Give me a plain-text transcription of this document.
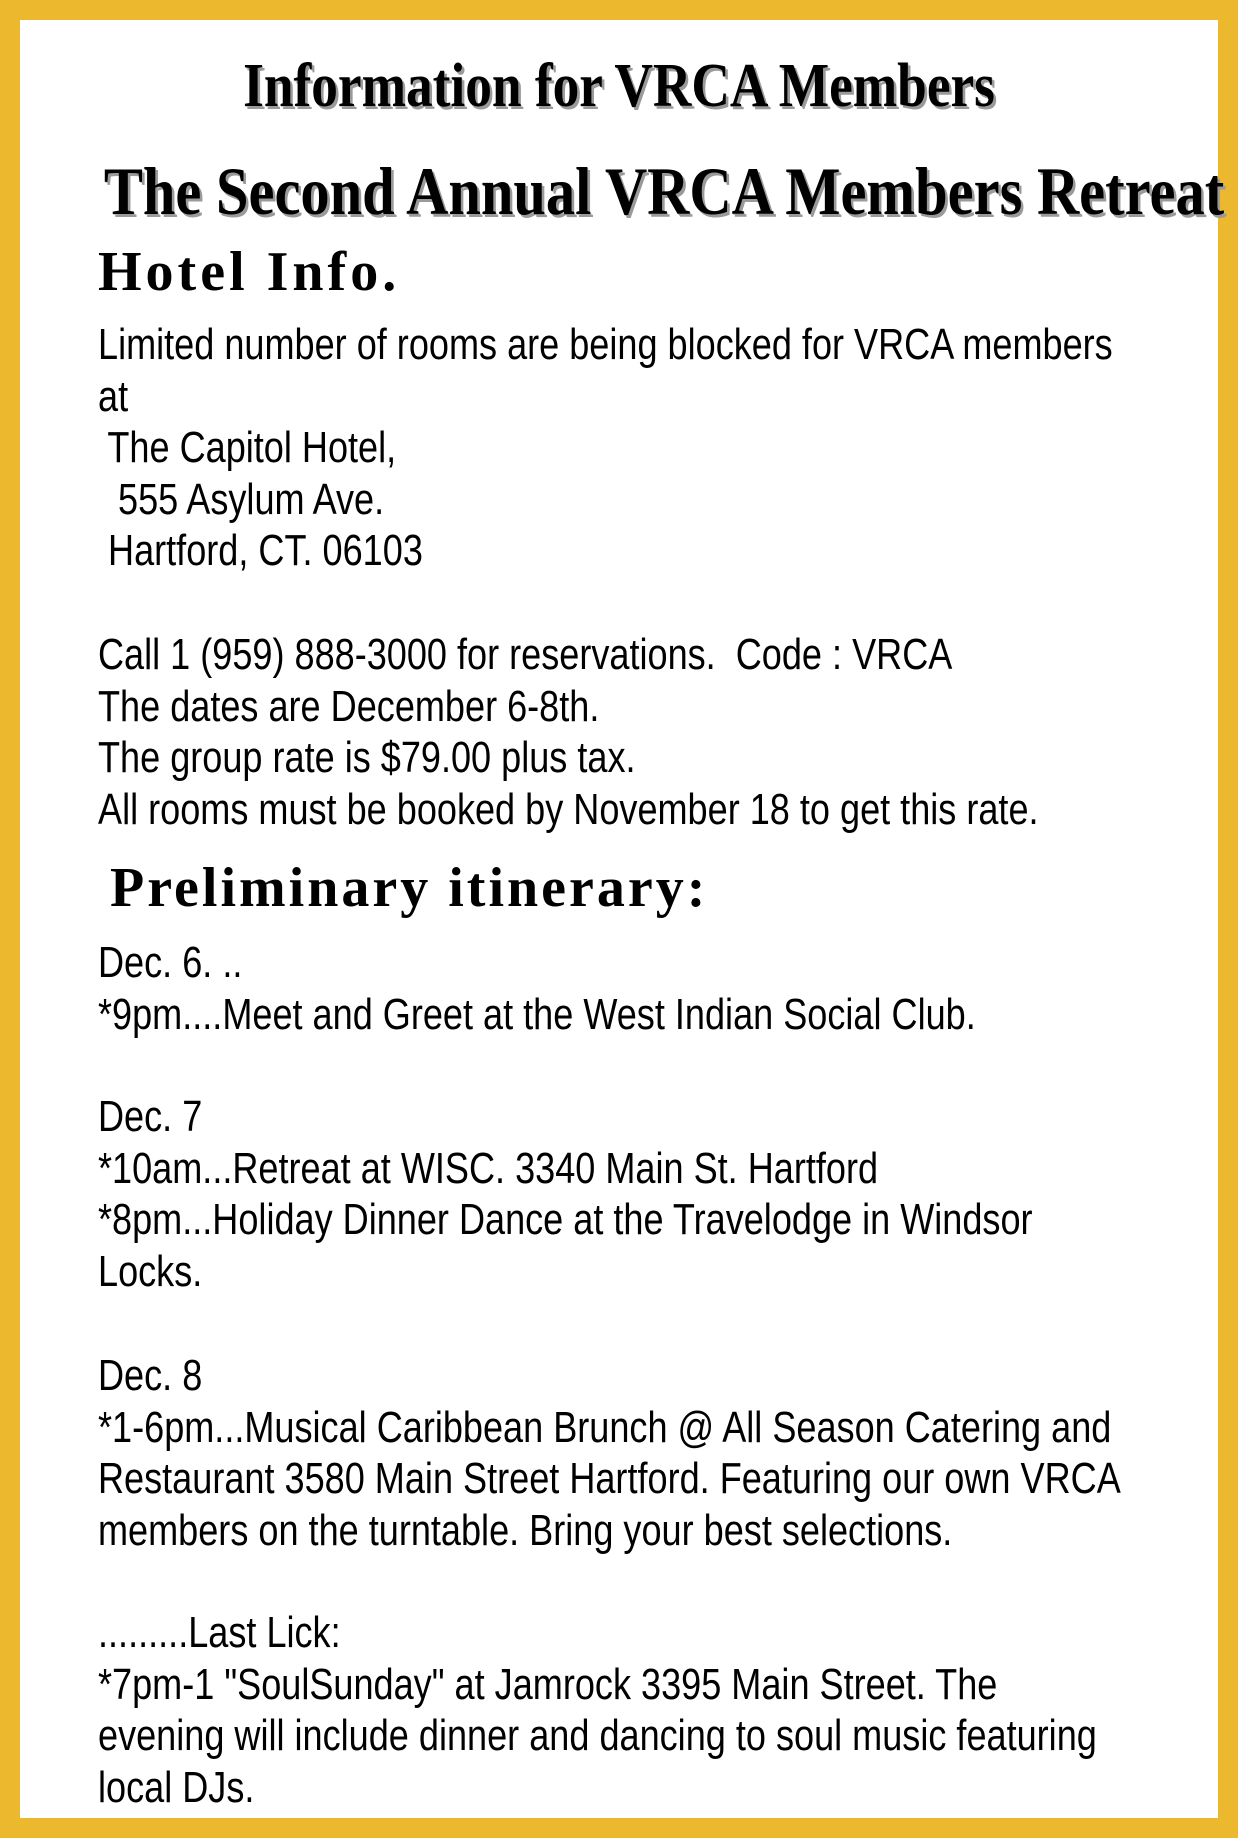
Information for VRCA Members
The Second Annual VRCA Members Retreat
Hotel Info.
Limited number of rooms are being blocked for VRCA members
at
The Capitol Hotel,
555 Asylum Ave.
Hartford, CT. 06103
Call 1 (959) 888-3000 for reservations.  Code : VRCA
The dates are December 6-8th.
The group rate is $79.00 plus tax.
All rooms must be booked by November 18 to get this rate.
Preliminary itinerary:
Dec. 6. ..
*9pm....Meet and Greet at the West Indian Social Club.
Dec. 7
*10am...Retreat at WISC. 3340 Main St. Hartford
*8pm...Holiday Dinner Dance at the Travelodge in Windsor
Locks.
Dec. 8
*1-6pm...Musical Caribbean Brunch @ All Season Catering and
Restaurant 3580 Main Street Hartford. Featuring our own VRCA
members on the turntable. Bring your best selections.
.........Last Lick:
*7pm-1 "SoulSunday" at Jamrock 3395 Main Street. The
evening will include dinner and dancing to soul music featuring
local DJs.
